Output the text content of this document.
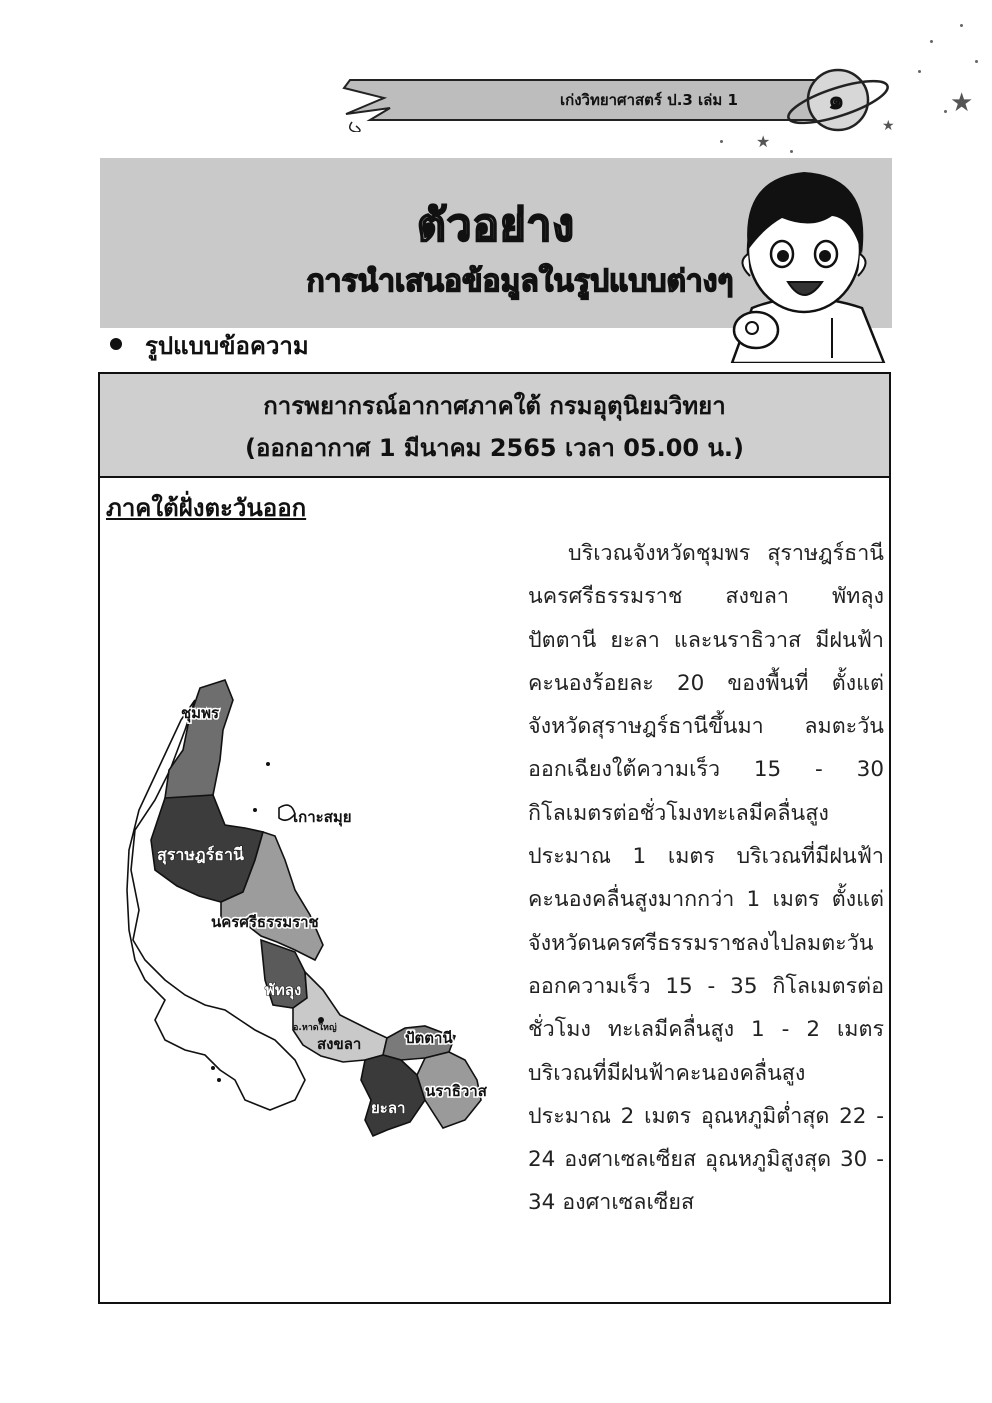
เก่งวิทยาศาสตร์ ป.3 เล่ม 1	๑	★
★
★
ตัวอย่าง
การนำเสนอข้อมูลในรูปแบบต่างๆ
รูปแบบข้อความ
การพยากรณ์อากาศภาคใต้ กรมอุตุนิยมวิทยา
(ออกอากาศ 1 มีนาคม 2565 เวลา 05.00 น.)
ภาคใต้ฝั่งตะวันออก

บริเวณจังหวัดชุมพร สุราษฎร์ธานี นครศรีธรรมราช สงขลา พัทลุง ปัตตานี ยะลา และนราธิวาส มีฝนฟ้าคะนองร้อยละ 20 ของพื้นที่ ตั้งแต่จังหวัดสุราษฎร์ธานีขึ้นมา ลมตะวันออกเฉียงใต้ความเร็ว 15 - 30 กิโลเมตรต่อชั่วโมงทะเลมีคลื่นสูงประมาณ 1 เมตร บริเวณที่มีฝนฟ้าคะนองคลื่นสูงมากกว่า 1 เมตร ตั้งแต่จังหวัดนครศรีธรรมราชลงไปลมตะวันออกความเร็ว 15 - 35 กิโลเมตรต่อชั่วโมง ทะเลมีคลื่นสูง 1 - 2 เมตร บริเวณที่มีฝนฟ้าคะนองคลื่นสูงประมาณ 2 เมตร อุณหภูมิต่ำสุด 22 - 24 องศาเซลเซียส อุณหภูมิสูงสุด 30 - 34 องศาเซลเซียส

ชุมพร
เกาะสมุย
สุราษฎร์ธานี
นครศรีธรรมราช
พัทลุง
อ.หาดใหญ่
สงขลา	ปัตตานี
นราธิวาส
ยะลา
